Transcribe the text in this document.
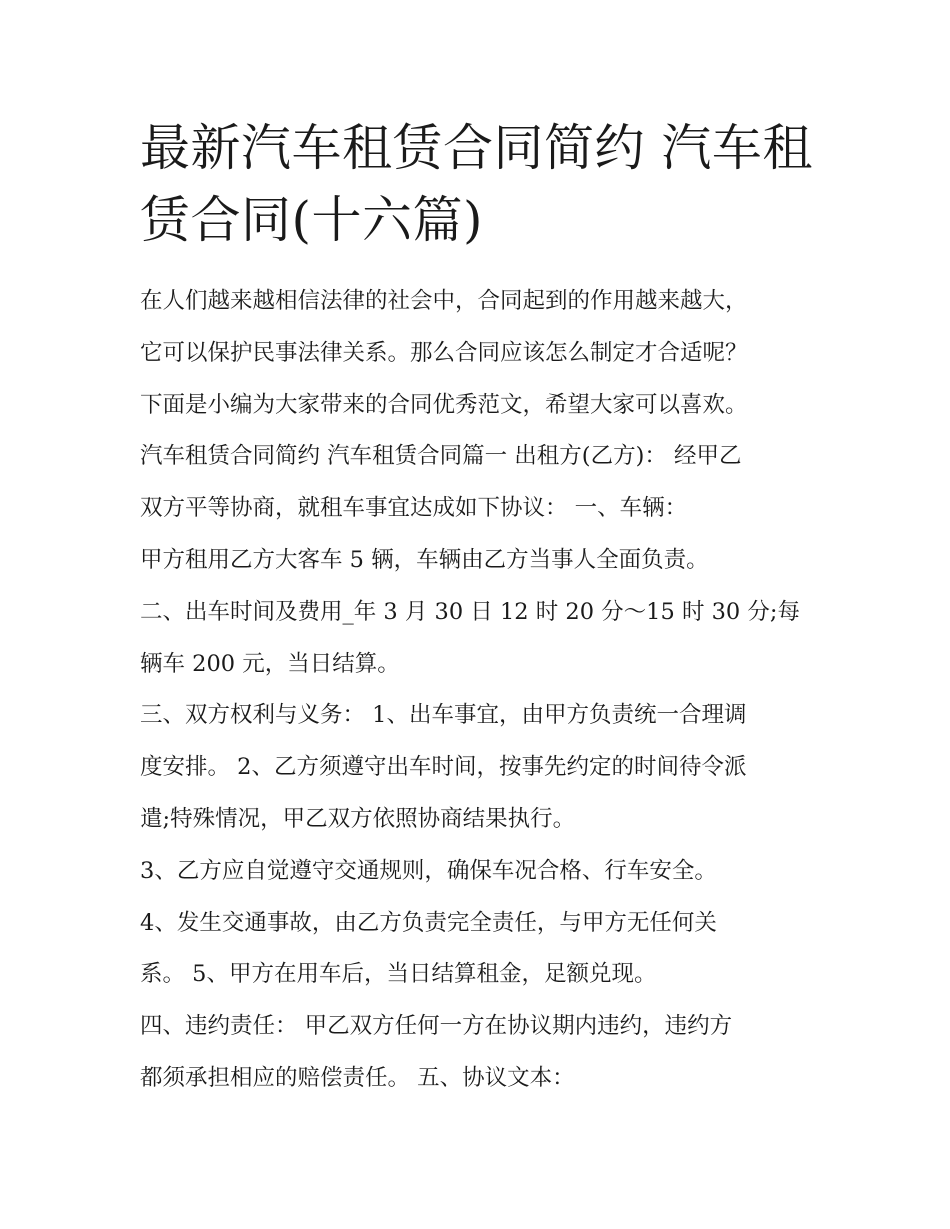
最新汽车租赁合同简约 汽车租赁合同(十六篇)

在人们越来越相信法律的社会中，合同起到的作用越来越大，

它可以保护民事法律关系。那么合同应该怎么制定才合适呢？

下面是小编为大家带来的合同优秀范文，希望大家可以喜欢。

汽车租赁合同简约 汽车租赁合同篇一 出租方(乙方)： 经甲乙

双方平等协商，就租车事宜达成如下协议： 一、车辆：

甲方租用乙方大客车 5 辆，车辆由乙方当事人全面负责。

二、出车时间及费用_年 3 月 30 日 12 时 20 分～15 时 30 分;每

辆车 200 元，当日结算。

三、双方权利与义务： 1、出车事宜，由甲方负责统一合理调

度安排。 2、乙方须遵守出车时间，按事先约定的时间待令派

遣;特殊情况，甲乙双方依照协商结果执行。

3、乙方应自觉遵守交通规则，确保车况合格、行车安全。

4、发生交通事故，由乙方负责完全责任，与甲方无任何关

系。 5、甲方在用车后，当日结算租金，足额兑现。

四、违约责任： 甲乙双方任何一方在协议期内违约，违约方

都须承担相应的赔偿责任。 五、协议文本：
